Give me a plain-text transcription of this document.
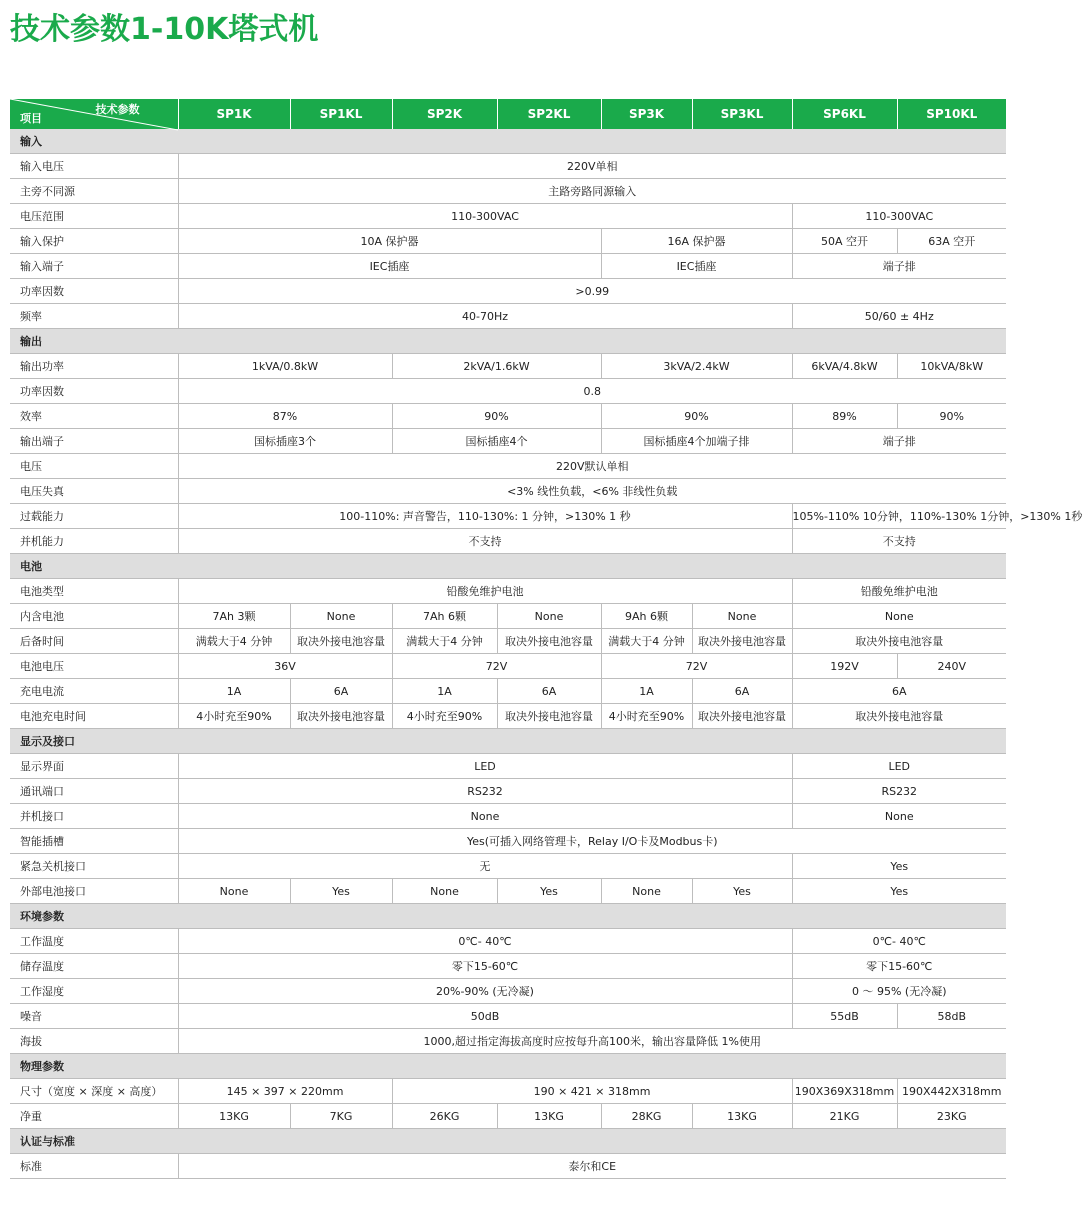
技术参数1-10K塔式机
技术参数
项目	SP1K	SP1KL	SP2K	SP2KL	SP3K	SP3KL	SP6KL	SP10KL
输入								
输入电压	220V单相							
主旁不同源	主路旁路同源输入							
电压范围	110-300VAC						110-300VAC	
输入保护	10A 保护器				16A 保护器		50A 空开	63A 空开
输入端子	IEC插座				IEC插座		端子排	
功率因数	>0.99							
频率	40-70Hz						50/60 ± 4Hz	
输出								
输出功率	1kVA/0.8kW		2kVA/1.6kW		3kVA/2.4kW		6kVA/4.8kW	10kVA/8kW
功率因数	0.8							
效率	87%		90%		90%		89%	90%
输出端子	国标插座3个		国标插座4个		国标插座4个加端子排		端子排	
电压	220V默认单相							
电压失真	<3% 线性负载，<6% 非线性负载							
过载能力	100-110%: 声音警告，110-130%: 1 分钟，>130% 1 秒						105%-110% 10分钟，110%-130% 1分钟，>130% 1秒	
并机能力	不支持						不支持	
电池								
电池类型	铅酸免维护电池						铅酸免维护电池	
内含电池	7Ah 3颗	None	7Ah 6颗	None	9Ah 6颗	None	None	
后备时间	满载大于4 分钟	取决外接电池容量	满载大于4 分钟	取决外接电池容量	满载大于4 分钟	取决外接电池容量	取决外接电池容量	
电池电压	36V		72V		72V		192V	240V
充电电流	1A	6A	1A	6A	1A	6A	6A	
电池充电时间	4小时充至90%	取决外接电池容量	4小时充至90%	取决外接电池容量	4小时充至90%	取决外接电池容量	取决外接电池容量	
显示及接口								
显示界面	LED						LED	
通讯端口	RS232						RS232	
并机接口	None						None	
智能插槽	Yes(可插入网络管理卡，Relay I/O卡及Modbus卡)							
紧急关机接口	无						Yes	
外部电池接口	None	Yes	None	Yes	None	Yes	Yes	
环境参数								
工作温度	0℃- 40℃						0℃- 40℃	
储存温度	零下15-60℃						零下15-60℃	
工作湿度	20%-90% (无冷凝)						0 ～ 95% (无冷凝)	
噪音	50dB						55dB	58dB
海拔	1000,超过指定海拔高度时应按每升高100米，输出容量降低 1%使用							
物理参数								
尺寸（宽度 × 深度 × 高度）	145 × 397 × 220mm		190 × 421 × 318mm				190X369X318mm	190X442X318mm
净重	13KG	7KG	26KG	13KG	28KG	13KG	21KG	23KG
认证与标准								
标准	泰尔和CE							
